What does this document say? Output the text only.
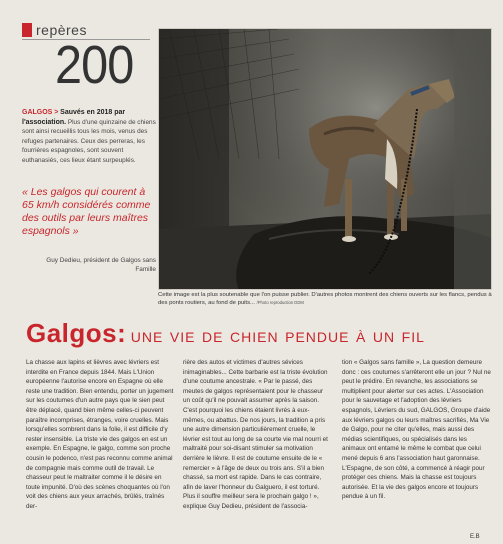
repères
200
GALGOS > Sauvés en 2018 par l'association. Plus d'une quinzaine de chiens sont ainsi recueillis tous les mois, venus des refuges partenaires. Ceux des perreras, les fourrières espagnoles, sont souvent euthanasiés, ces lieux étant surpeuplés.
« Les galgos qui courent à 65 km/h considérés comme des outils par leurs maîtres espagnols »
Guy Dedieu, président de Galgos sans Famille
Cette image est la plus soutenable que l'on puisse publier. D'autres photos montrent des chiens ouverts sur les flancs, pendus à des ponts routiers, au fond de puits... /Photo reproduction DDM
Galgos: une vie de chien pendue à un fil

La chasse aux lapins et lièvres avec lévriers est interdite en France depuis 1844. Mais L'Union européenne l'autorise encore en Espagne où elle reste une tradition. Bien entendu, porter un jugement sur les coutumes d'un autre pays que le sien peut être déplacé, quand bien même celles-ci peuvent paraître incomprises, étranges, voire cruelles. Mais lorsqu'elles sombrent dans la folie, il est difficile d'y rester insensible. La triste vie des galgos en est un exemple. En Espagne, le galgo, comme son proche cousin le podenco, n'est pas reconnu comme animal de compagnie mais comme outil de travail. Le chasseur peut le maltraiter comme il le désire en toute impunité. D'où des scènes choquantes où l'on voit des chiens aux yeux arrachés, brûlés, traînés der-

rière des autos et victimes d'autres sévices inimaginables... Cette barbarie est la triste évolution d'une coutume ancestrale. « Par le passé, des meutes de galgos représentaient pour le chasseur un coût qu'il ne pouvait assumer après la saison. C'est pourquoi les chiens étaient livrés à eux-mêmes, ou abattus. De nos jours, la tradition a pris une autre dimension particulièrement cruelle, le lévrier est tout au long de sa courte vie mal nourri et maltraité pour soi-disant stimuler sa motivation derrière le lièvre. Il est de coutume ensuite de le « remercier » à l'âge de deux ou trois ans. S'il a bien chassé, sa mort est rapide. Dans le cas contraire, afin de laver l'honneur du Galguero, il est torturé. Plus il souffre meilleur sera le prochain galgo ! », explique Guy Dedieu, président de l'associa-

tion « Galgos sans famille », La question demeure donc : ces coutumes s'arrêteront elle un jour ? Nul ne peut le prédire. En revanche, les associations se multiplient pour alerter sur ces actes. L'Association pour le sauvetage et l'adoption des lévriers espagnols, Lévriers du sud, GALGOS, Groupe d'aide aux lévriers galgos ou leurs maîtres sacrifiés, Ma Vie de Galgo, pour ne citer qu'elles, mais aussi des médias scientifiques, ou spécialisés dans les animaux ont entamé le même le combat que celui mené depuis 6 ans l'association haut garonnaise. L'Espagne, de son côté, a commencé à réagir pour protéger ces chiens. Mais la chasse est toujours autorisée. Et la vie des galgos encore et toujours pendue à un fil.

E.B
